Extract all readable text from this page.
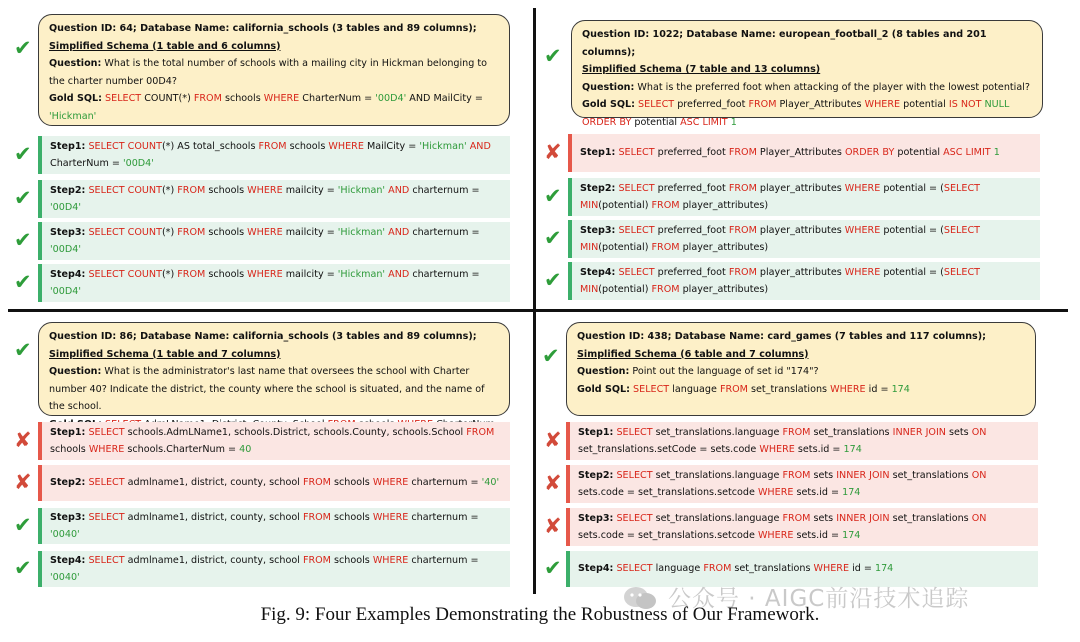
✔
Question ID: 64; Database Name: california_schools (3 tables and 89 columns);
Simplified Schema (1 table and 6 columns)
Question: What is the total number of schools with a mailing city in Hickman belonging to the charter number 00D4?
Gold SQL: SELECT COUNT(*) FROM schools WHERE CharterNum = '00D4' AND MailCity = 'Hickman'
✔ Step1: SELECT COUNT(*) AS total_schools FROM schools WHERE MailCity = 'Hickman' AND CharterNum = '00D4'
✔ Step2: SELECT COUNT(*) FROM schools WHERE mailcity = 'Hickman' AND charternum = '00D4'
✔ Step3: SELECT COUNT(*) FROM schools WHERE mailcity = 'Hickman' AND charternum = '00D4'
✔ Step4: SELECT COUNT(*) FROM schools WHERE mailcity = 'Hickman' AND charternum = '00D4'
✔
Question ID: 1022; Database Name: european_football_2 (8 tables and 201 columns);
Simplified Schema (7 table and 13 columns)
Question: What is the preferred foot when attacking of the player with the lowest potential?
Gold SQL: SELECT preferred_foot FROM Player_Attributes WHERE potential IS NOT NULL ORDER BY potential ASC LIMIT 1
✘ Step1: SELECT preferred_foot FROM Player_Attributes ORDER BY potential ASC LIMIT 1
✔ Step2: SELECT preferred_foot FROM player_attributes WHERE potential = (SELECT MIN(potential) FROM player_attributes)
✔ Step3: SELECT preferred_foot FROM player_attributes WHERE potential = (SELECT MIN(potential) FROM player_attributes)
✔ Step4: SELECT preferred_foot FROM player_attributes WHERE potential = (SELECT MIN(potential) FROM player_attributes)
✔
Question ID: 86; Database Name: california_schools (3 tables and 89 columns);
Simplified Schema (1 table and 7 columns)
Question: What is the administrator's last name that oversees the school with Charter number 40? Indicate the district, the county where the school is situated, and the name of the school.
✘ Step1: SELECT schools.AdmLName1, schools.District, schools.County, schools.School FROM schools WHERE schools.CharterNum = 40
✘ Step2: SELECT admlname1, district, county, school FROM schools WHERE charternum = '40'
✔ Step3: SELECT admlname1, district, county, school FROM schools WHERE charternum = '0040'
✔ Step4: SELECT admlname1, district, county, school FROM schools WHERE charternum = '0040'
✔
Question ID: 438; Database Name: card_games (7 tables and 117 columns);
Simplified Schema (6 table and 7 columns)
Question: Point out the language of set id "174"?
Gold SQL: SELECT language FROM set_translations WHERE id = 174
✘ Step1: SELECT set_translations.language FROM set_translations INNER JOIN sets ON set_translations.setCode = sets.code WHERE sets.id = 174
✘ Step2: SELECT set_translations.language FROM sets INNER JOIN set_translations ON sets.code = set_translations.setcode WHERE sets.id = 174
✘ Step3: SELECT set_translations.language FROM sets INNER JOIN set_translations ON sets.code = set_translations.setcode WHERE sets.id = 174
✔ Step4: SELECT language FROM set_translations WHERE id = 174
公众号 · AIGC前沿技术追踪
Fig. 9: Four Examples Demonstrating the Robustness of Our Framework.
